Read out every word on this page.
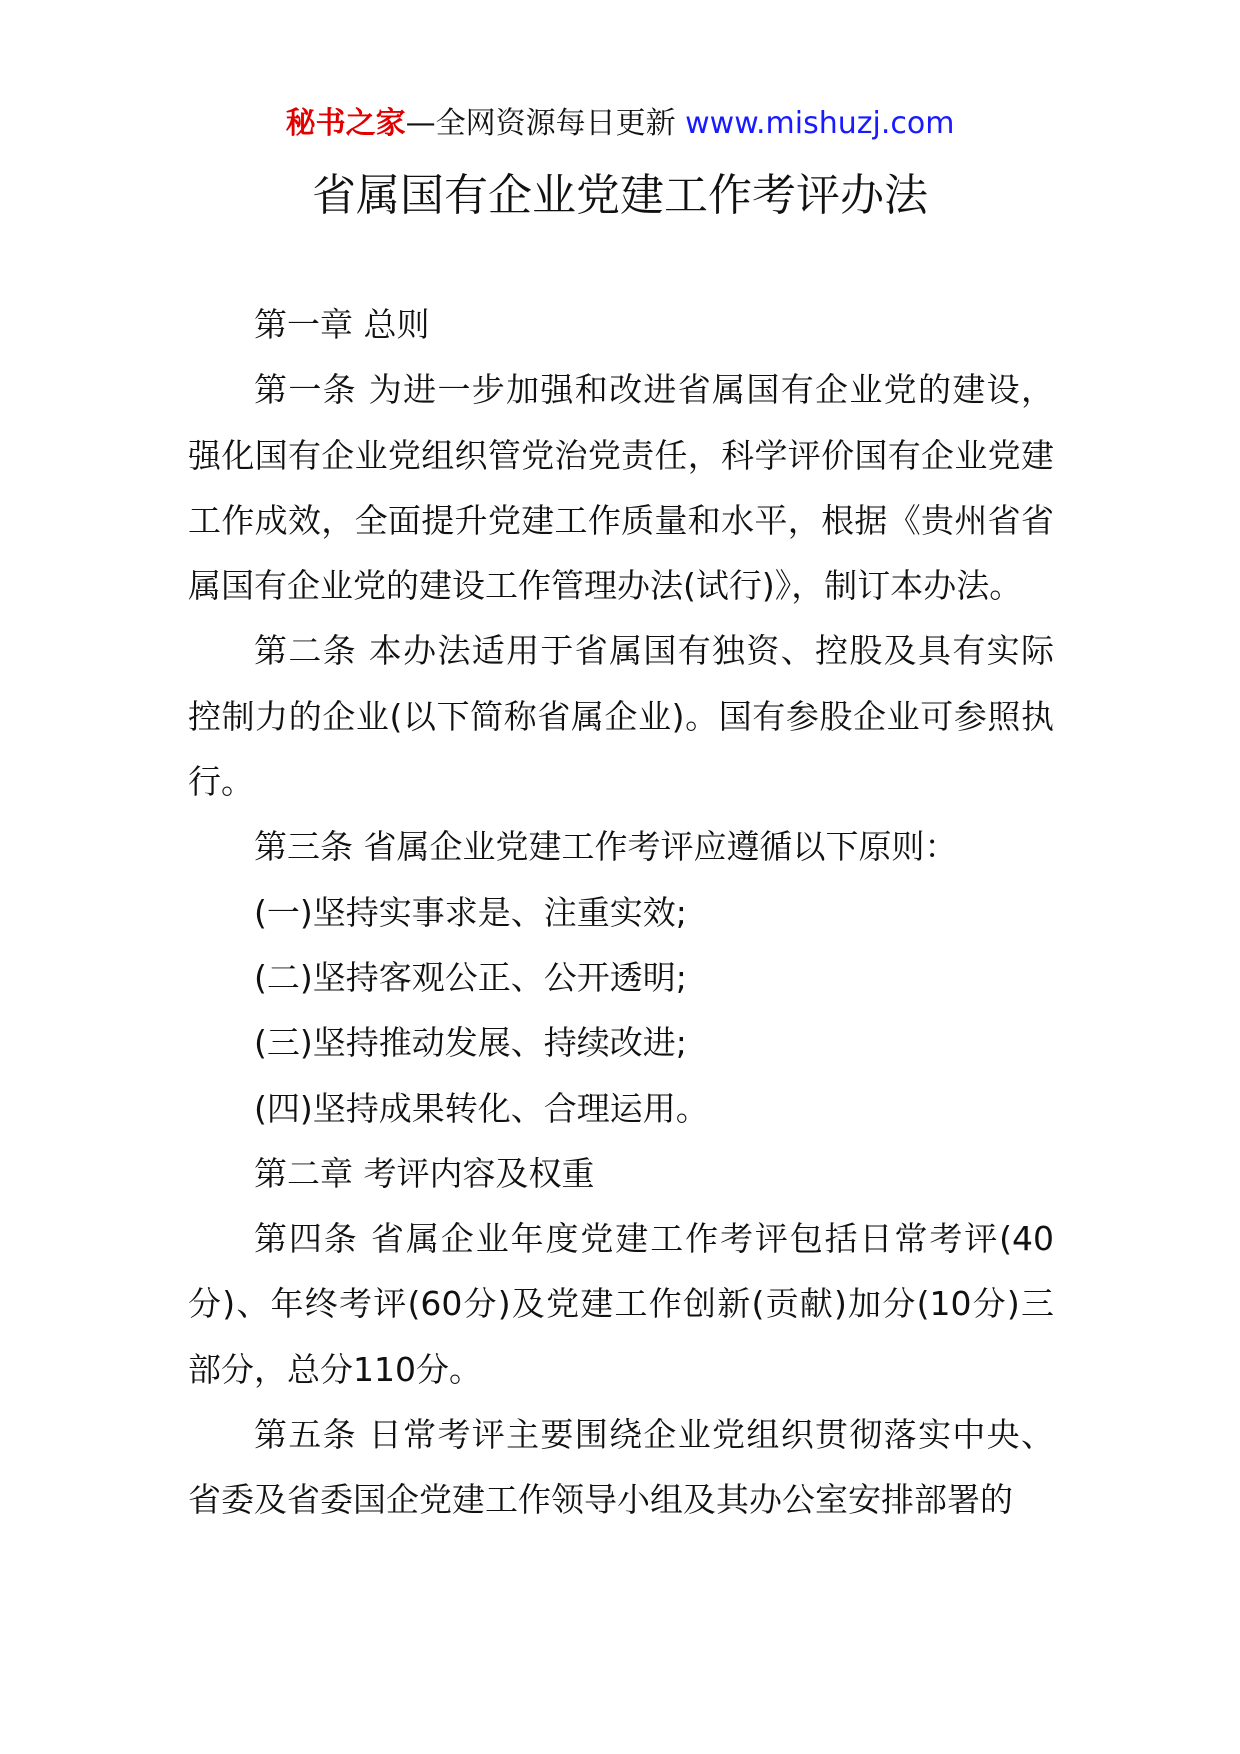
秘书之家—全网资源每日更新 www.mishuzj.com
省属国有企业党建工作考评办法

第一章 总则

第一条 为进一步加强和改进省属国有企业党的建设，强化国有企业党组织管党治党责任，科学评价国有企业党建工作成效，全面提升党建工作质量和水平，根据《贵州省省属国有企业党的建设工作管理办法(试行)》，制订本办法。

第二条 本办法适用于省属国有独资、控股及具有实际控制力的企业(以下简称省属企业)。国有参股企业可参照执行。

第三条 省属企业党建工作考评应遵循以下原则：

(一)坚持实事求是、注重实效;

(二)坚持客观公正、公开透明;

(三)坚持推动发展、持续改进;

(四)坚持成果转化、合理运用。

第二章 考评内容及权重

第四条 省属企业年度党建工作考评包括日常考评(40分)、年终考评(60分)及党建工作创新(贡献)加分(10分)三部分，总分110分。

第五条 日常考评主要围绕企业党组织贯彻落实中央、省委及省委国企党建工作领导小组及其办公室安排部署的
